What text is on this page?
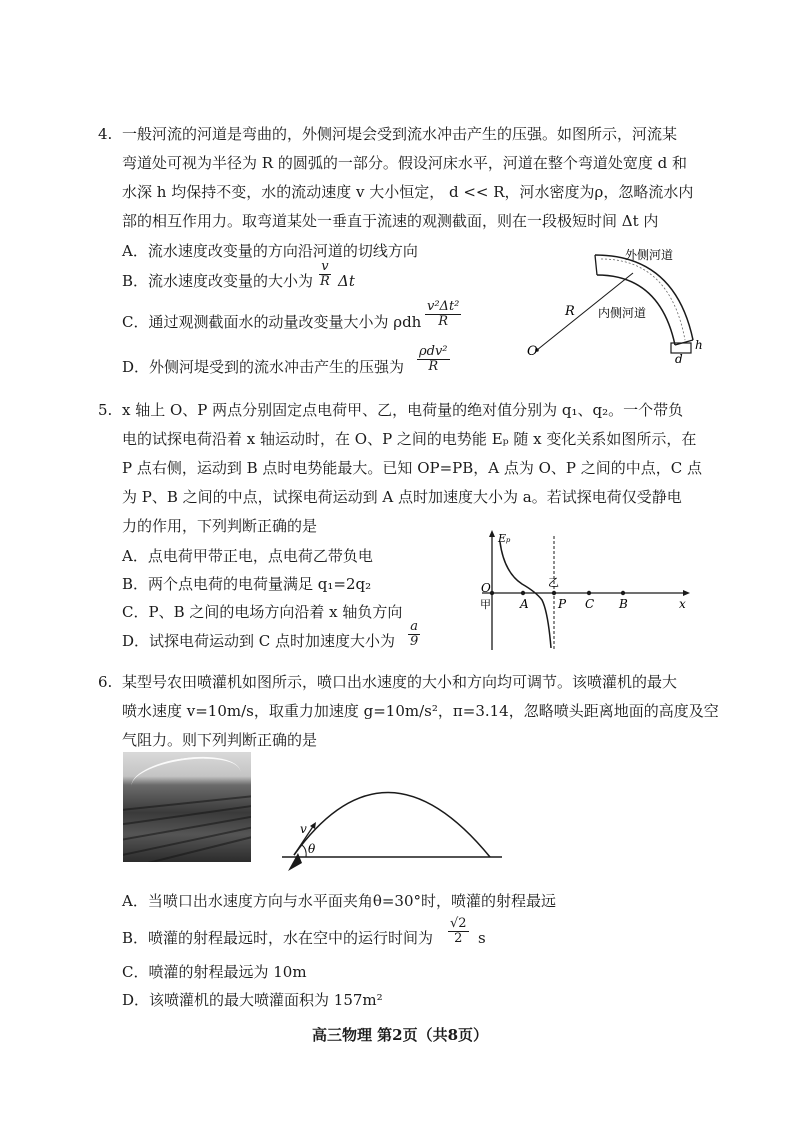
4. 一般河流的河道是弯曲的，外侧河堤会受到流水冲击产生的压强。如图所示，河流某
弯道处可视为半径为 R 的圆弧的一部分。假设河床水平，河道在整个弯道处宽度 d 和
水深 h 均保持不变，水的流动速度 v 大小恒定， d << R，河水密度为ρ，忽略流水内
部的相互作用力。取弯道某处一垂直于流速的观测截面，则在一段极短时间 Δt 内
A．流水速度改变量的方向沿河道的切线方向
B．流水速度改变量的大小为 $\frac{v}{R}$ Δt
C．通过观测截面水的动量改变量大小为 ρdh $\frac{\text{v²Δt²}}{R}$
D．外侧河堤受到的流水冲击产生的压强为
ρdv²
R
外侧河道
内侧河道
R
O	h
d
5. x 轴上 O、P 两点分别固定点电荷甲、乙，电荷量的绝对值分别为 q₁、q₂。一个带负
电的试探电荷沿着 x 轴运动时，在 O、P 之间的电势能 Eₚ 随 x 变化关系如图所示，在
P 点右侧，运动到 B 点时电势能最大。已知 OP=PB，A 点为 O、P 之间的中点，C 点
为 P、B 之间的中点，试探电荷运动到 A 点时加速度大小为 a。若试探电荷仅受静电
力的作用，下列判断正确的是
A．点电荷甲带正电，点电荷乙带负电
B．两个点电荷的电荷量满足 q₁=2q₂
C．P、B 之间的电场方向沿着 x 轴负方向
D．试探电荷运动到 C 点时加速度大小为 $\frac{a}{9}$
Eₚ
x
O
甲
乙
A P C B
6. 某型号农田喷灌机如图所示，喷口出水速度的大小和方向均可调节。该喷灌机的最大
喷水速度 v=10m/s，取重力加速度 g=10m/s²，π=3.14，忽略喷头距离地面的高度及空
气阻力。则下列判断正确的是
v
θ
A．当喷口出水速度方向与水平面夹角θ=30°时，喷灌的射程最远
B．喷灌的射程最远时，水在空中的运行时间为 $\frac{√2}{2}$ s
C．喷灌的射程最远为 10m
D．该喷灌机的最大喷灌面积为 157m²
高三物理 第2页（共8页）
